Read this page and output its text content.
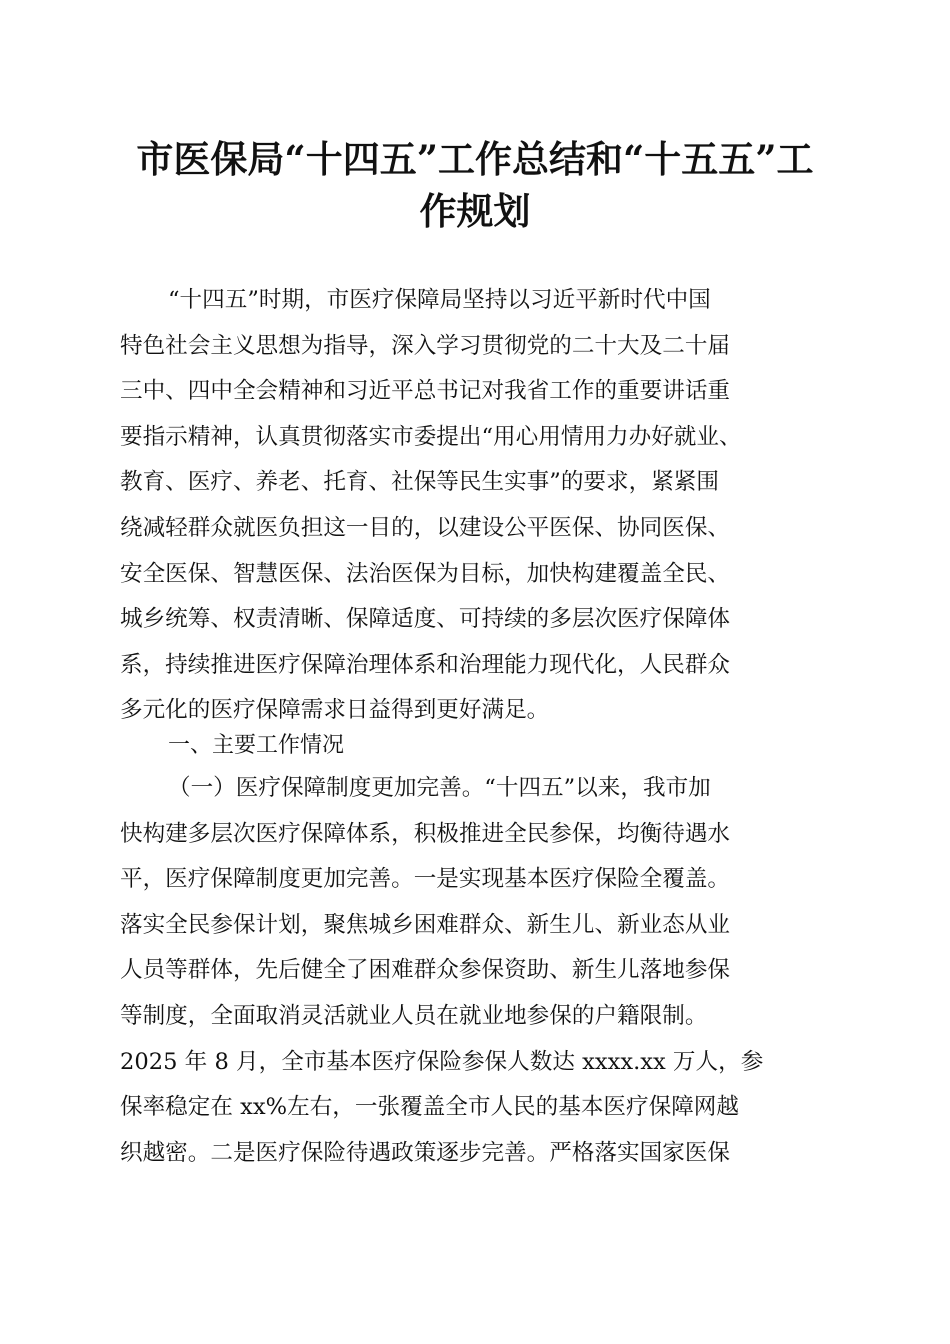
市医保局“十四五”工作总结和“十五五”工
作规划
“十四五”时期，市医疗保障局坚持以习近平新时代中国
特色社会主义思想为指导，深入学习贯彻党的二十大及二十届
三中、四中全会精神和习近平总书记对我省工作的重要讲话重
要指示精神，认真贯彻落实市委提出“用心用情用力办好就业、
教育、医疗、养老、托育、社保等民生实事”的要求，紧紧围
绕减轻群众就医负担这一目的，以建设公平医保、协同医保、
安全医保、智慧医保、法治医保为目标，加快构建覆盖全民、
城乡统筹、权责清晰、保障适度、可持续的多层次医疗保障体
系，持续推进医疗保障治理体系和治理能力现代化，人民群众
多元化的医疗保障需求日益得到更好满足。
一、主要工作情况
（一）医疗保障制度更加完善。“十四五”以来，我市加
快构建多层次医疗保障体系，积极推进全民参保，均衡待遇水
平，医疗保障制度更加完善。一是实现基本医疗保险全覆盖。
落实全民参保计划，聚焦城乡困难群众、新生儿、新业态从业
人员等群体，先后健全了困难群众参保资助、新生儿落地参保
等制度，全面取消灵活就业人员在就业地参保的户籍限制。
2025 年 8 月，全市基本医疗保险参保人数达 xxxx.xx 万人，参
保率稳定在 xx%左右，一张覆盖全市人民的基本医疗保障网越
织越密。二是医疗保险待遇政策逐步完善。严格落实国家医保
